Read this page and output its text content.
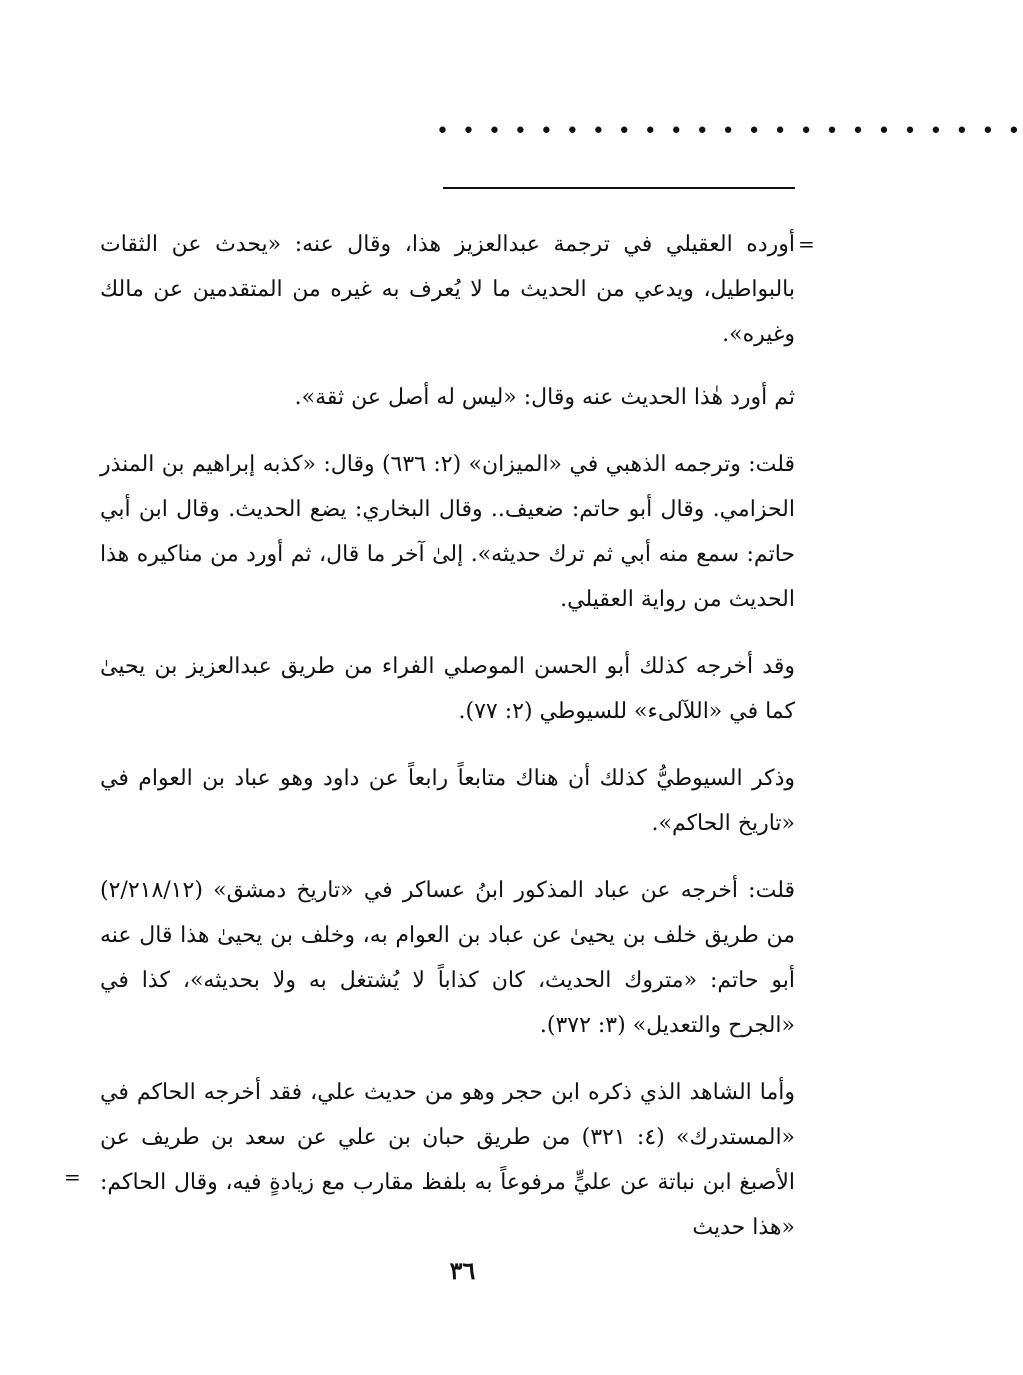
• • • • • • • • • • • • • • • • • • • • • • •
=

أورده العقيلي في ترجمة عبدالعزيز هذا، وقال عنه: «يحدث عن الثقات بالبواطيل، ويدعي من الحديث ما لا يُعرف به غيره من المتقدمين عن مالك وغيره».

ثم أورد هٰذا الحديث عنه وقال: «ليس له أصل عن ثقة».

قلت: وترجمه الذهبي في «الميزان» (٢: ٦٣٦) وقال: «كذبه إبراهيم بن المنذر الحزامي. وقال أبو حاتم: ضعيف.. وقال البخاري: يضع الحديث. وقال ابن أبي حاتم: سمع منه أبي ثم ترك حديثه». إلىٰ آخر ما قال، ثم أورد من مناكيره هذا الحديث من رواية العقيلي.

وقد أخرجه كذلك أبو الحسن الموصلي الفراء من طريق عبدالعزيز بن يحيىٰ كما في «اللآلىء» للسيوطي (٢: ٧٧).

وذكر السيوطيُّ كذلك أن هناك متابعاً رابعاً عن داود وهو عباد بن العوام في «تاريخ الحاكم».

قلت: أخرجه عن عباد المذكور ابنُ عساكر في «تاريخ دمشق» (٢/٢١٨/١٢) من طريق خلف بن يحيىٰ عن عباد بن العوام به، وخلف بن يحيىٰ هذا قال عنه أبو حاتم: «متروك الحديث، كان كذاباً لا يُشتغل به ولا بحديثه»، كذا في «الجرح والتعديل» (٣: ٣٧٢).

وأما الشاهد الذي ذكره ابن حجر وهو من حديث علي، فقد أخرجه الحاكم في «المستدرك» (٤: ٣٢١) من طريق حبان بن علي عن سعد بن طريف عن الأصبغ ابن نباتة عن عليٍّ مرفوعاً به بلفظ مقارب مع زيادةٍ فيه، وقال الحاكم: «هذا حديث

=
٣٦
